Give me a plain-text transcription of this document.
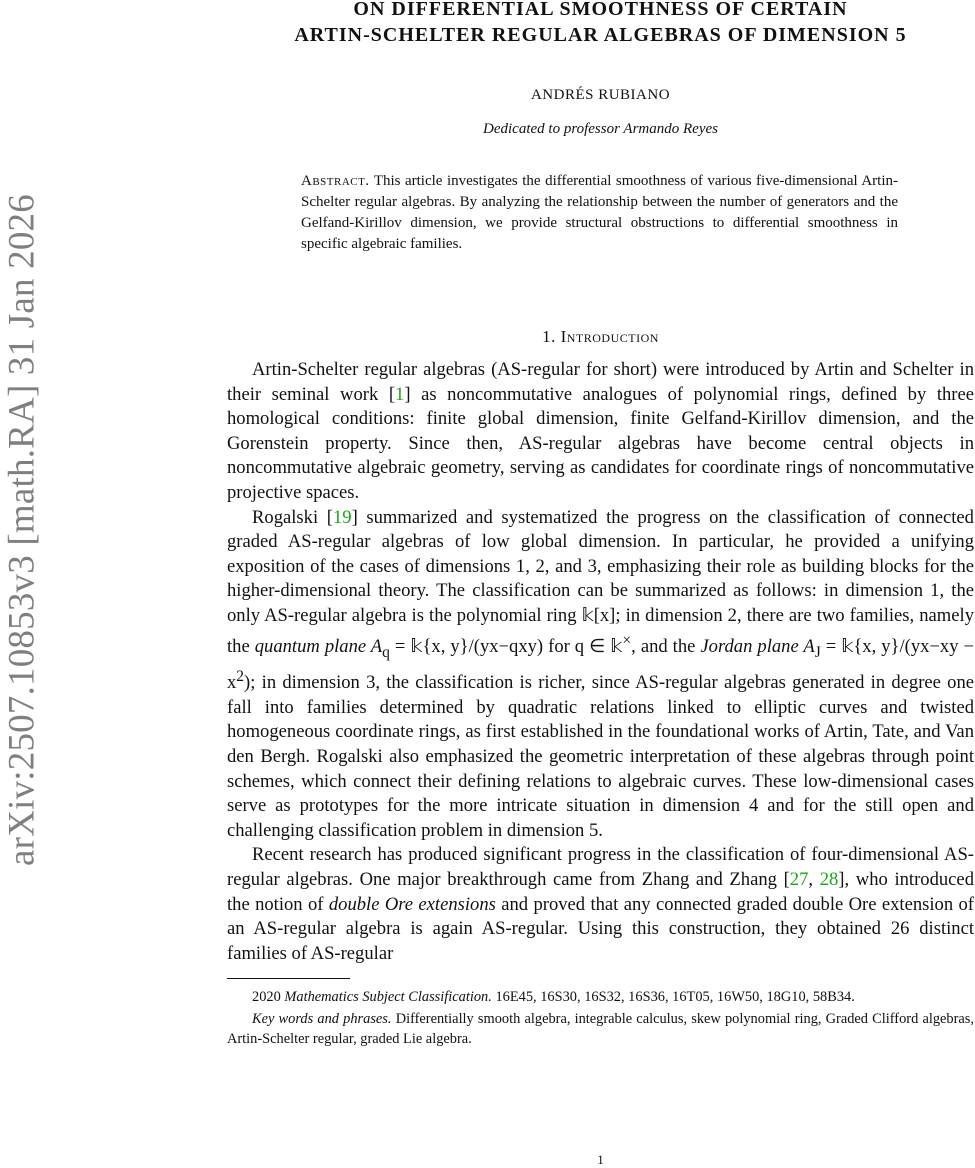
arXiv:2507.10853v3 [math.RA] 31 Jan 2026
ON DIFFERENTIAL SMOOTHNESS OF CERTAIN
ARTIN-SCHELTER REGULAR ALGEBRAS OF DIMENSION 5
ANDRÉS RUBIANO
Dedicated to professor Armando Reyes
Abstract. This article investigates the differential smoothness of various five-dimensional Artin-Schelter regular algebras. By analyzing the relationship between the number of generators and the Gelfand-Kirillov dimension, we provide structural obstructions to differential smoothness in specific algebraic families.
1. Introduction

Artin-Schelter regular algebras (AS-regular for short) were introduced by Artin and Schelter in their seminal work [1] as noncommutative analogues of polynomial rings, defined by three homological conditions: finite global dimension, finite Gelfand-Kirillov dimension, and the Gorenstein property. Since then, AS-regular algebras have become central objects in noncommutative algebraic geometry, serving as candidates for coordinate rings of noncommutative projective spaces.

Rogalski [19] summarized and systematized the progress on the classification of connected graded AS-regular algebras of low global dimension. In particular, he provided a unifying exposition of the cases of dimensions 1, 2, and 3, emphasizing their role as building blocks for the higher-dimensional theory. The classification can be summarized as follows: in dimension 1, the only AS-regular algebra is the polynomial ring 𝕜[x]; in dimension 2, there are two families, namely the quantum plane $A_q$ = 𝕜{x, y}/(yx−qxy) for q ∈ 𝕜×, and the Jordan plane $A_J$ = 𝕜{x, $y\}/(yx-xy - x^2)$; in dimension 3, the classification is richer, since AS-regular algebras generated in degree one fall into families determined by quadratic relations linked to elliptic curves and twisted homogeneous coordinate rings, as first established in the foundational works of Artin, Tate, and Van den Bergh. Rogalski also emphasized the geometric interpretation of these algebras through point schemes, which connect their defining relations to algebraic curves. These low-dimensional cases serve as prototypes for the more intricate situation in dimension 4 and for the still open and challenging classification problem in dimension 5.

Recent research has produced significant progress in the classification of four-dimensional AS-regular algebras. One major breakthrough came from Zhang and Zhang [27, 28], who introduced the notion of double Ore extensions and proved that any connected graded double Ore extension of an AS-regular algebra is again AS-regular. Using this construction, they obtained 26 distinct families of AS-regular

2020 Mathematics Subject Classification. 16E45, 16S30, 16S32, 16S36, 16T05, 16W50, 18G10, 58B34.

Key words and phrases. Differentially smooth algebra, integrable calculus, skew polynomial ring, Graded Clifford algebras, Artin-Schelter regular, graded Lie algebra.

1
